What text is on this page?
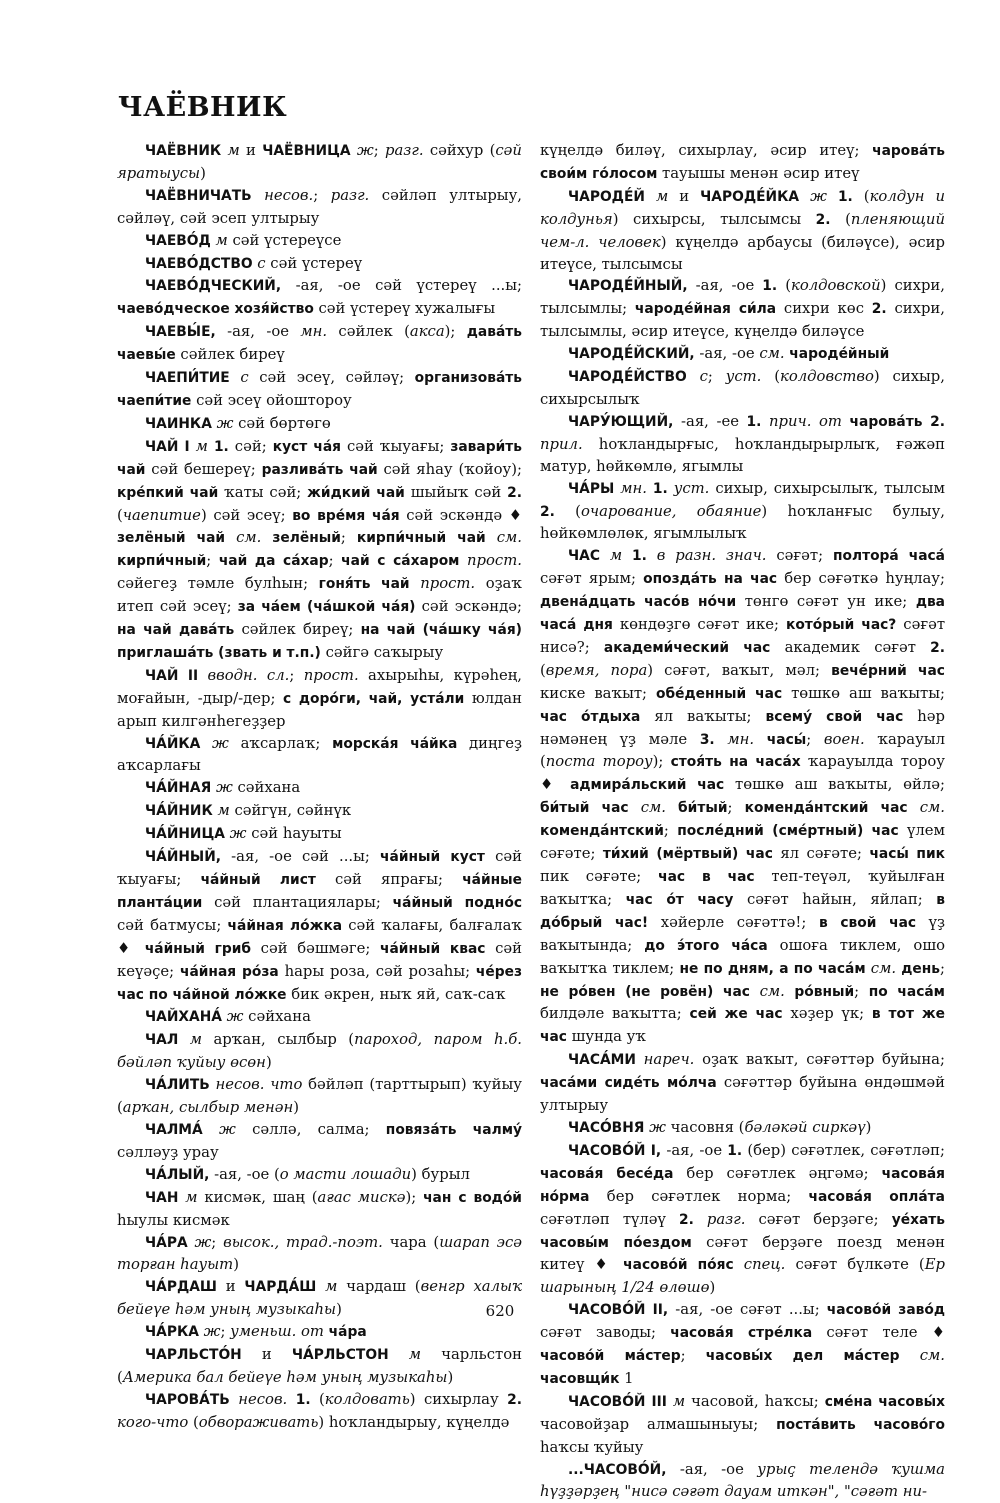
ЧАЁВНИК

ЧАЁВНИК м и ЧАЁВНИЦА ж; разг. сәйхур (сәй яратыусы)

ЧАЁВНИЧАТЬ несов.; разг. сәйләп ултырыу, сәйләү, сәй эсеп ултырыу

ЧАЕВО́Д м сәй үстереүсе

ЧАЕВО́ДСТВО с сәй үстереү

ЧАЕВО́ДЧЕСКИЙ, -ая, -ое сәй үстереү ...ы; чаево́дческое хозя́йство сәй үстереү хужалығы

ЧАЕВЫ́Е, -ая, -ое мн. сәйлек (акса); дава́ть чаевы́е сәйлек биреү

ЧАЕПИ́ТИЕ с сәй эсеү, сәйләү; организова́ть чаепи́тие сәй эсеү ойоштороу

ЧАИНКА ж сәй бөртөгө

ЧАЙ I м 1. сәй; куст ча́я сәй ҡыуағы; завари́ть чай сәй бешереү; разлива́ть чай сәй яһау (ҡойоу); кре́пкий чай ҡаты сәй; жи́дкий чай шыйыҡ сәй 2. (чаепитие) сәй эсеү; во вре́мя ча́я сәй эскәндә ♦ зелёный чай см. зелёный; кирпи́чный чай см. кирпи́чный; чай да са́хар; чай с са́харом прост. сәйегеҙ тәмле булһын; гоня́ть чай прост. оҙаҡ итеп сәй эсеү; за ча́ем (ча́шкой ча́я) сәй эскәндә; на чай дава́ть сәйлек биреү; на чай (ча́шку ча́я) приглаша́ть (звать и т.п.) сәйгә саҡырыу

ЧАЙ II вводн. сл.; прост. ахырыһы, күрәһең, моғайын, -дыр/-дер; с доро́ги, чай, уста́ли юлдан арып килгәнһегеҙҙер

ЧА́ЙКА ж аҡсарлаҡ; морска́я ча́йка диңгеҙ аҡсарлағы

ЧА́ЙНАЯ ж сәйхана

ЧА́ЙНИК м сәйгүн, сәйнүк

ЧА́ЙНИЦА ж сәй һауыты

ЧА́ЙНЫЙ, -ая, -ое сәй ...ы; ча́йный куст сәй ҡыуағы; ча́йный лист сәй япрағы; ча́йные планта́ции сәй плантациялары; ча́йный подно́с сәй батмусы; ча́йная ло́жка сәй ҡалағы, балғалаҡ ♦ ча́йный гриб сәй бәшмәге; ча́йный квас сәй кеүәҫе; ча́йная ро́за һары роза, сәй розаһы; че́рез час по ча́йной ло́жке бик әкрен, ныҡ яй, саҡ-саҡ

ЧАЙХАНА́ ж сәйхана

ЧАЛ м арҡан, сылбыр (пароход, паром һ.б. бәйләп ҡуйыу өсөн)

ЧА́ЛИТЬ несов. что бәйләп (тарттырып) ҡуйыу (арҡан, сылбыр менән)

ЧАЛМА́ ж сәллә, салма; повяза́ть чалму́ сәлләуҙ урау

ЧА́ЛЫЙ, -ая, -ое (о масти лошади) бурыл

ЧАН м кисмәк, шаң (ағас мискә); чан с водо́й һыулы кисмәк

ЧА́РА ж; высок., трад.-поэт. чара (шарап эсә торған һауыт)

ЧА́РДАШ и ЧАРДА́Ш м чардаш (венгр халыҡ бейеүе һәм уның музыкаһы)

ЧА́РКА ж; уменьш. от ча́ра

ЧАРЛЬСТО́Н и ЧА́РЛЬСТОН м чарльстон (Америка бал бейеүе һәм уның музыкаһы)

ЧАРОВА́ТЬ несов. 1. (колдовать) сихырлау 2. кого-что (обвораживать) һоҡландырыу, күңелдә

күңелдә биләү, сихырлау, әсир итеү; чарова́ть свои́м го́лосом тауышы менән әсир итеү

ЧАРОДЕ́Й м и ЧАРОДЕ́ЙКА ж 1. (колдун и колдунья) сихырсы, тылсымсы 2. (пленяющий чем-л. человек) күңелдә арбаусы (биләүсе), әсир итеүсе, тылсымсы

ЧАРОДЕ́ЙНЫЙ, -ая, -ое 1. (колдовской) сихри, тылсымлы; чароде́йная си́ла сихри көс 2. сихри, тылсымлы, әсир итеүсе, күңелдә биләүсе

ЧАРОДЕ́ЙСКИЙ, -ая, -ое см. чароде́йный

ЧАРОДЕ́ЙСТВО с; уст. (колдовство) сихыр, сихырсылыҡ

ЧАРУ́ЮЩИЙ, -ая, -ее 1. прич. от чарова́ть 2. прил. һоҡландырғыс, һоҡландырырлыҡ, ғәжәп матур, һөйкөмлө, ягымлы

ЧА́РЫ мн. 1. уст. сихыр, сихырсылыҡ, тылсым 2. (очарование, обаяние) һоҡланғыс булыу, һөйкөмлөлөк, ягымлылыҡ

ЧАС м 1. в разн. знач. сәғәт; полтора́ часа́ сәғәт ярым; опозда́ть на час бер сәғәткә һуңлау; двена́дцать часо́в но́чи төнгө сәғәт ун ике; два часа́ дня көндөҙгө сәғәт ике; кото́рый час? сәғәт нисә?; академи́ческий час академик сәғәт 2. (время, пора) сәғәт, ваҡыт, мәл; вече́рний час киске ваҡыт; обе́денный час төшкө аш ваҡыты; час о́тдыха ял ваҡыты; всему́ свой час һәр нәмәнең үҙ мәле 3. мн. часы́; воен. ҡарауыл (поста тороу); стоя́ть на часа́х ҡарауылда тороу ♦ адмира́льский час төшкө аш ваҡыты, өйлә; би́тый час см. би́тый; коменда́нтский час см. коменда́нтский; после́дний (сме́ртный) час үлем сәғәте; ти́хий (мёртвый) час ял сәғәте; часы́ пик пик сәғәте; час в час теп-теүәл, ҡуйылған ваҡытҡа; час о́т часу сәғәт һайын, яйлап; в до́брый час! хәйерле сәғәттә!; в свой час үҙ ваҡытында; до э́того ча́са ошоға тиклем, ошо ваҡытҡа тиклем; не по дням, а по часа́м см. день; не ро́вен (не ровён) час см. ро́вный; по часа́м билдәле ваҡытта; сей же час хәҙер үк; в тот же час шунда уҡ

ЧАСА́МИ нареч. оҙаҡ ваҡыт, сәғәттәр буйына; часа́ми сиде́ть мо́лча сәғәттәр буйына өндәшмәй ултырыу

ЧАСО́ВНЯ ж часовня (бәләкәй сиркәү)

ЧАСОВО́Й I, -ая, -ое 1. (бер) сәғәтлек, сәғәтләп; часова́я бесе́да бер сәғәтлек әңгәмә; часова́я но́рма бер сәғәтлек норма; часова́я опла́та сәғәтләп түләү 2. разг. сәғәт берҙәге; уе́хать часовы́м по́ездом сәғәт берҙәге поезд менән китеү ♦ часово́й по́яс спец. сәғәт бүлкәте (Ер шарының 1/24 өлөшө)

ЧАСОВО́Й II, -ая, -ое сәғәт ...ы; часово́й заво́д сәғәт заводы; часова́я стре́лка сәғәт теле ♦ часово́й ма́стер; часовы́х дел ма́стер см. часовщи́к 1

ЧАСОВО́Й III м часовой, һаҡсы; сме́на часовы́х часовойҙар алмашыныуы; поста́вить часово́го һаҡсы ҡуйыу

...ЧАСОВО́Й, -ая, -ое урыҫ телендә ҡушма һүҙҙәрҙең "нисә сәғәт дауам иткән", "сәғәт ни-

620
